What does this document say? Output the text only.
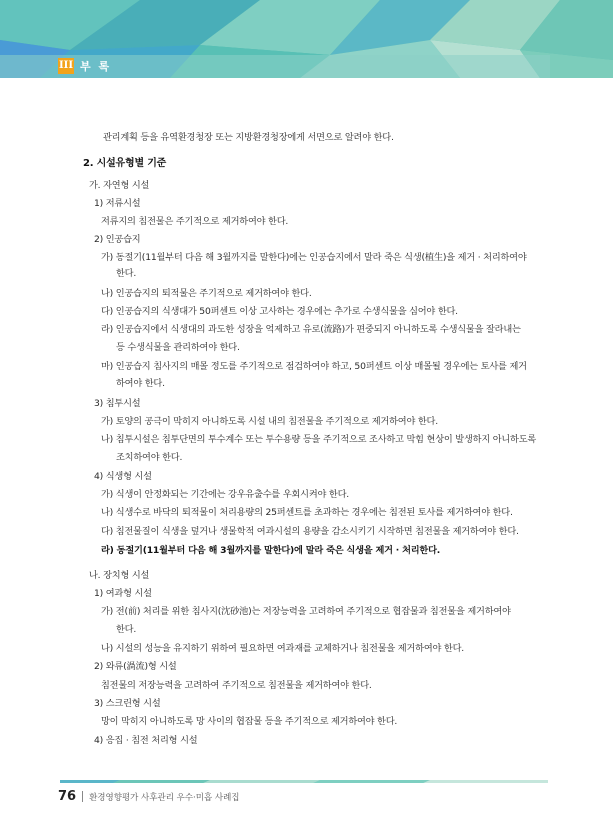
III 부 록
관리계획 등을 유역환경청장 또는 지방환경청장에게 서면으로 알려야 한다.
2. 시설유형별 기준
가. 자연형 시설
1) 저류시설
저류지의 침전물은 주기적으로 제거하여야 한다.
2) 인공습지
가) 동절기(11월부터 다음 해 3월까지를 말한다)에는 인공습지에서 말라 죽은 식생(植生)을 제거 · 처리하여야
한다.
나) 인공습지의 퇴적물은 주기적으로 제거하여야 한다.
다) 인공습지의 식생대가 50퍼센트 이상 고사하는 경우에는 추가로 수생식물을 심어야 한다.
라) 인공습지에서 식생대의 과도한 성장을 억제하고 유로(流路)가 편중되지 아니하도록 수생식물을 잘라내는
등 수생식물을 관리하여야 한다.
마) 인공습지 침사지의 매몰 정도를 주기적으로 점검하여야 하고, 50퍼센트 이상 매몰될 경우에는 토사를 제거
하여야 한다.
3) 침투시설
가) 토양의 공극이 막히지 아니하도록 시설 내의 침전물을 주기적으로 제거하여야 한다.
나) 침투시설은 침투단면의 투수계수 또는 투수용량 등을 주기적으로 조사하고 막힘 현상이 발생하지 아니하도록
조치하여야 한다.
4) 식생형 시설
가) 식생이 안정화되는 기간에는 강우유출수를 우회시켜야 한다.
나) 식생수로 바닥의 퇴적물이 처리용량의 25퍼센트를 초과하는 경우에는 침전된 토사를 제거하여야 한다.
다) 침전물질이 식생을 덮거나 생물학적 여과시설의 용량을 감소시키기 시작하면 침전물을 제거하여야 한다.
라) 동절기(11월부터 다음 해 3월까지를 말한다)에 말라 죽은 식생을 제거 · 처리한다.
나. 장치형 시설
1) 여과형 시설
가) 전(前) 처리를 위한 침사지(沈砂池)는 저장능력을 고려하여 주기적으로 협잡물과 침전물을 제거하여야
한다.
나) 시설의 성능을 유지하기 위하여 필요하면 여과재를 교체하거나 침전물을 제거하여야 한다.
2) 와류(渦流)형 시설
침전물의 저장능력을 고려하여 주기적으로 침전물을 제거하여야 한다.
3) 스크린형 시설
망이 막히지 아니하도록 망 사이의 협잡물 등을 주기적으로 제거하여야 한다.
4) 응집 · 침전 처리형 시설
76 환경영향평가 사후관리 우수·미흡 사례집
